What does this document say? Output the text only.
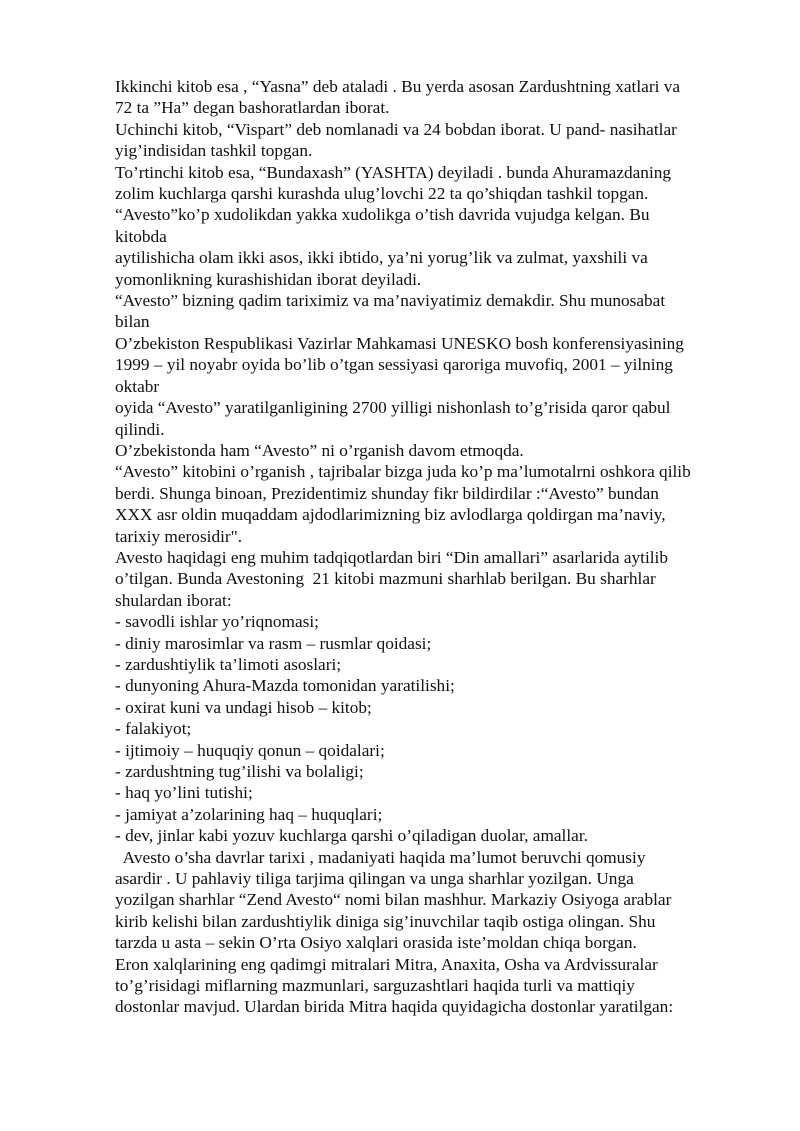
Ikkinchi kitob esa , “Yasna” deb ataladi . Bu yerda asosan Zardushtning xatlari va
72 ta ”Ha” degan bashoratlardan iborat.
Uchinchi kitob, “Vispart” deb nomlanadi va 24 bobdan iborat. U pand- nasihatlar
yig’indisidan tashkil topgan.
To’rtinchi kitob esa, “Bundaxash” (YASHTA) deyiladi . bunda Ahuramazdaning
zolim kuchlarga qarshi kurashda ulug’lovchi 22 ta qo’shiqdan tashkil topgan.
“Avesto”ko’p xudolikdan yakka xudolikga o’tish davrida vujudga kelgan. Bu
kitobda
aytilishicha olam ikki asos, ikki ibtido, ya’ni yorug’lik va zulmat, yaxshili va
yomonlikning kurashishidan iborat deyiladi.
“Avesto” bizning qadim tariximiz va ma’naviyatimiz demakdir. Shu munosabat
bilan
O’zbekiston Respublikasi Vazirlar Mahkamasi UNESKO bosh konferensiyasining
1999 – yil noyabr oyida bo’lib o’tgan sessiyasi qaroriga muvofiq, 2001 – yilning
oktabr
oyida “Avesto” yaratilganligining 2700 yilligi nishonlash to’g’risida qaror qabul
qilindi.
O’zbekistonda ham “Avesto” ni o’rganish davom etmoqda.
“Avesto” kitobini o’rganish , tajribalar bizga juda ko’p ma’lumotalrni oshkora qilib
berdi. Shunga binoan, Prezidentimiz shunday fikr bildirdilar :“Avesto” bundan
XXX asr oldin muqaddam ajdodlarimizning biz avlodlarga qoldirgan ma’naviy,
tarixiy merosidir".
Avesto haqidagi eng muhim tadqiqotlardan biri “Din amallari” asarlarida aytilib
o’tilgan. Bunda Avestoning  21 kitobi mazmuni sharhlab berilgan. Bu sharhlar
shulardan iborat:
- savodli ishlar yo’riqnomasi;
- diniy marosimlar va rasm – rusmlar qoidasi;
- zardushtiylik ta’limoti asoslari;
- dunyoning Ahura-Mazda tomonidan yaratilishi;
- oxirat kuni va undagi hisob – kitob;
- falakiyot;
- ijtimoiy – huquqiy qonun – qoidalari;
- zardushtning tug’ilishi va bolaligi;
- haq yo’lini tutishi;
- jamiyat a’zolarining haq – huquqlari;
- dev, jinlar kabi yozuv kuchlarga qarshi o’qiladigan duolar, amallar.
Avesto o’sha davrlar tarixi , madaniyati haqida ma’lumot beruvchi qomusiy
asardir . U pahlaviy tiligа tarjima qilingan va unga sharhlar yozilgan. Unga
yozilgan sharhlar “Zend Avesto“ nomi bilan mashhur. Markaziy Osiyoga arablar
kirib kelishi bilan zardushtiylik diniga sig’inuvchilar taqib ostiga olingan. Shu
tarzda u asta – sekin O’rta Osiyo xalqlari orasida iste’moldan chiqa borgan.
Eron xalqlarining eng qadimgi mitralari Mitra, Anaxita, Osha va Ardvissuralar
to’g’risidagi miflarning mazmunlari, sarguzashtlari haqida turli va mattiqiy
dostonlar mavjud. Ulardan birida Mitra haqida quyidagicha dostonlar yaratilgan:
